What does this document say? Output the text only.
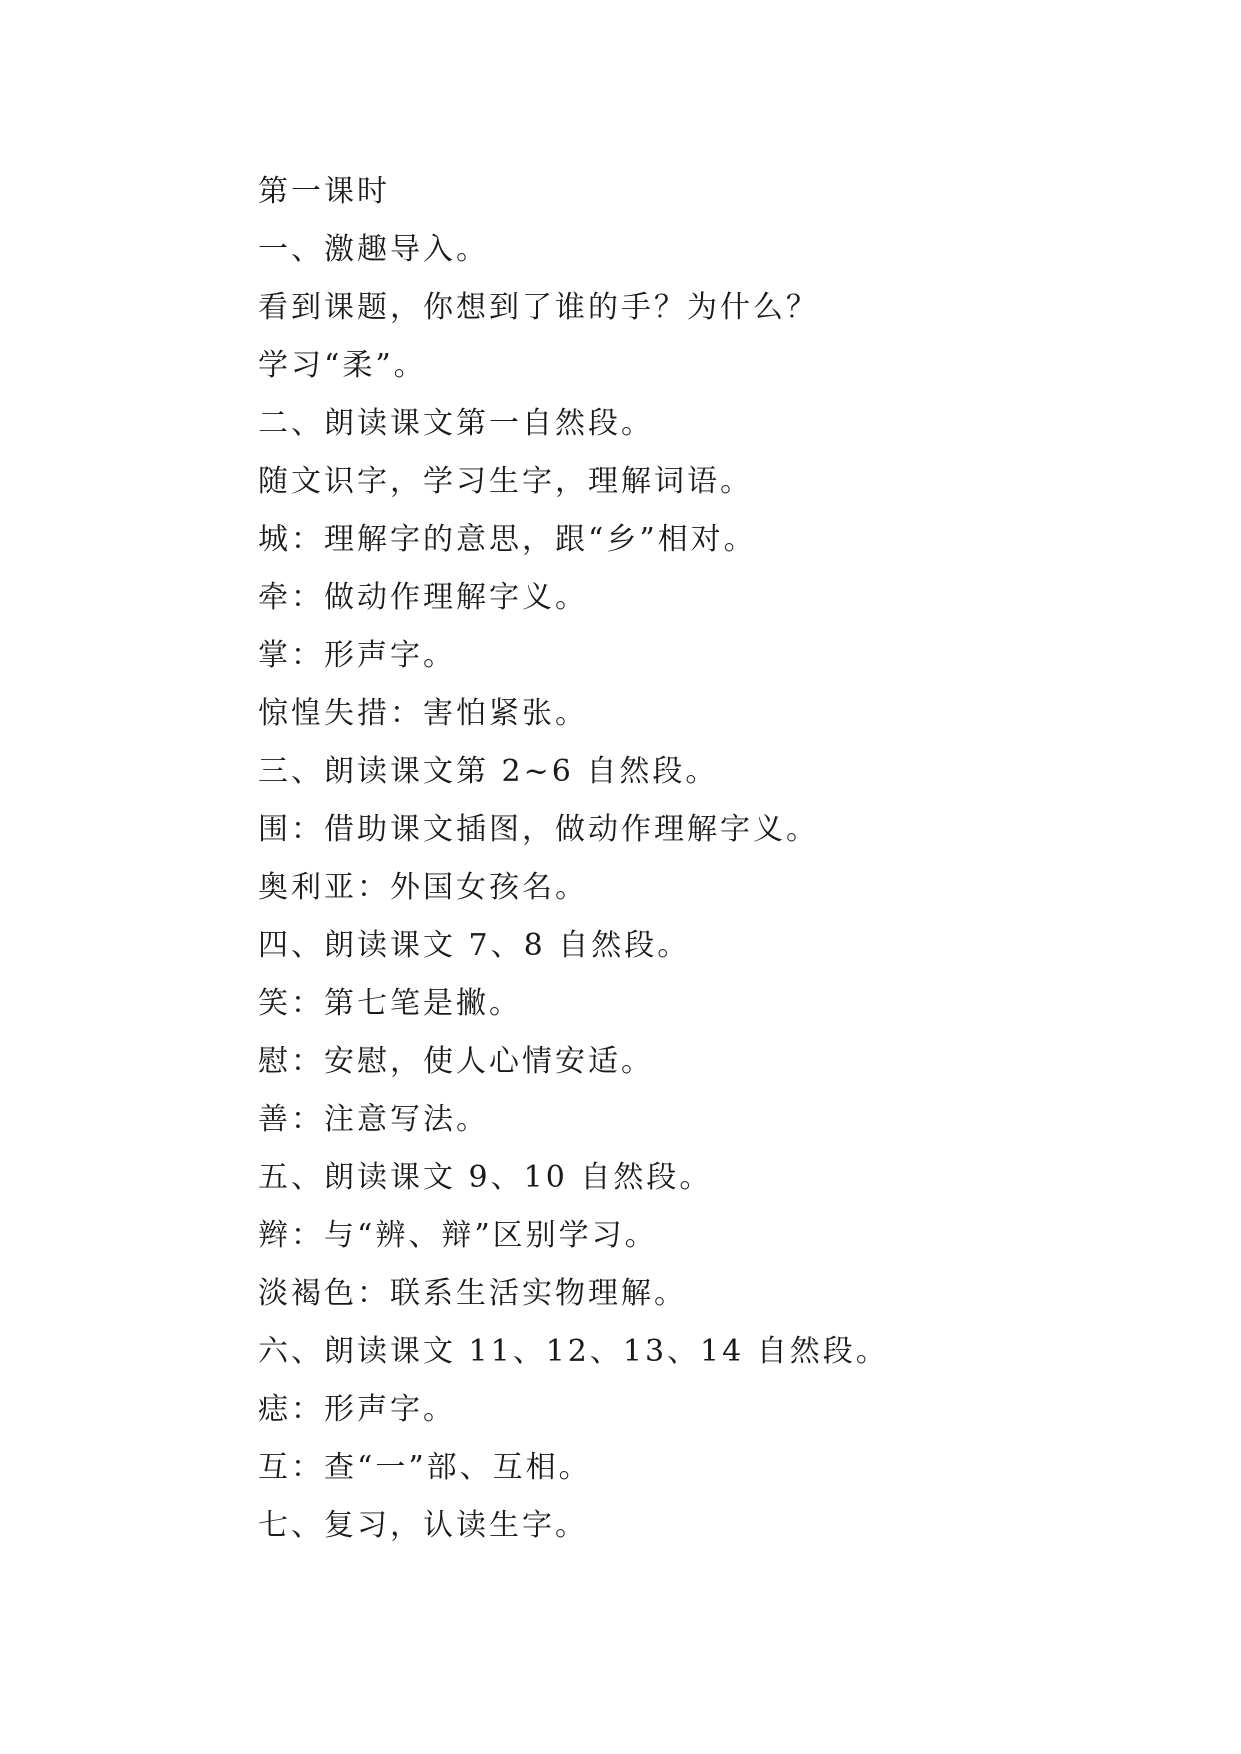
第一课时
一、激趣导入。
看到课题，你想到了谁的手？为什么？
学习“柔”。
二、朗读课文第一自然段。
随文识字，学习生字，理解词语。
城：理解字的意思，跟“乡”相对。
牵：做动作理解字义。
掌：形声字。
惊惶失措：害怕紧张。
三、朗读课文第 2~6 自然段。
围：借助课文插图，做动作理解字义。
奥利亚：外国女孩名。
四、朗读课文 7、8 自然段。
笑：第七笔是撇。
慰：安慰，使人心情安适。
善：注意写法。
五、朗读课文 9、10 自然段。
辫：与“辨、辩”区别学习。
淡褐色：联系生活实物理解。
六、朗读课文 11、12、13、14 自然段。
痣：形声字。
互：查“一”部、互相。
七、复习，认读生字。
